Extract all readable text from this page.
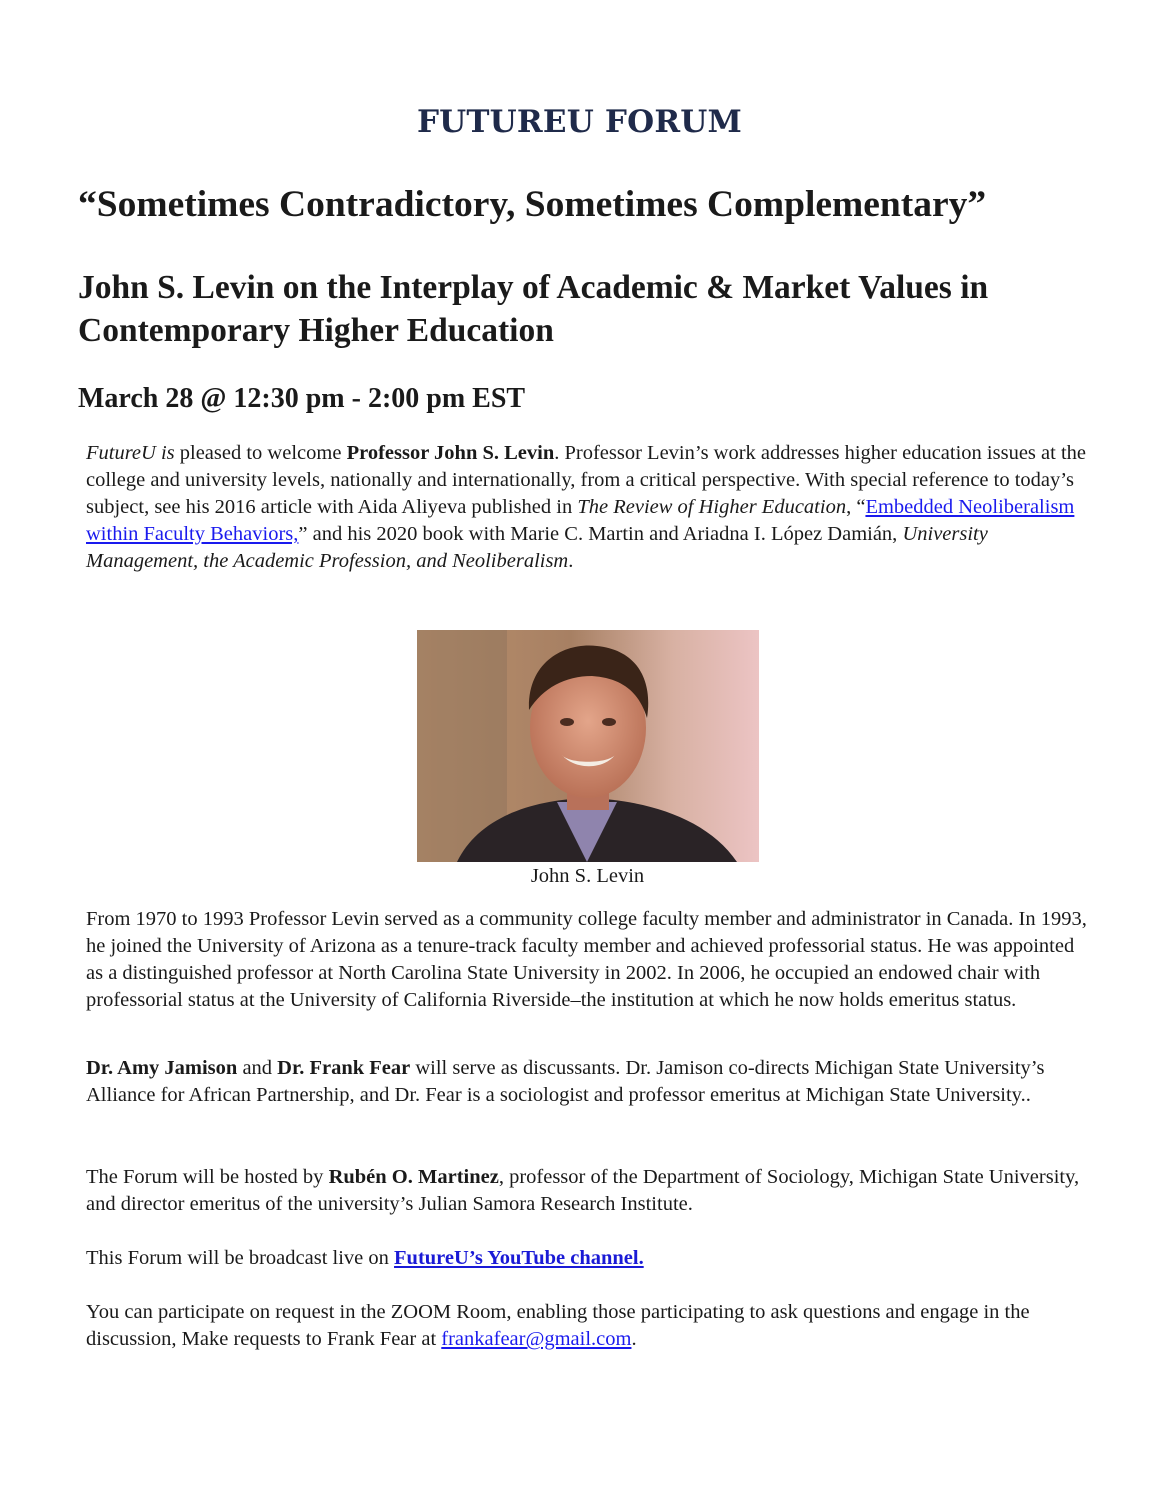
FUTUREU FORUM
“Sometimes Contradictory, Sometimes Complementary”
John S. Levin on the Interplay of Academic & Market Values in Contemporary Higher Education
March 28 @ 12:30 pm - 2:00 pm EST

FutureU is pleased to welcome Professor John S. Levin. Professor Levin’s work addresses higher education issues at the college and university levels, nationally and internationally, from a critical perspective. With special reference to today’s subject, see his 2016 article with Aida Aliyeva published in The Review of Higher Education, “Embedded Neoliberalism within Faculty Behaviors,” and his 2020 book with Marie C. Martin and Ariadna I. López Damián, University Management, the Academic Profession, and Neoliberalism.

John S. Levin

From 1970 to 1993 Professor Levin served as a community college faculty member and administrator in Canada. In 1993, he joined the University of Arizona as a tenure-track faculty member and achieved professorial status. He was appointed as a distinguished professor at North Carolina State University in 2002. In 2006, he occupied an endowed chair with professorial status at the University of California Riverside–the institution at which he now holds emeritus status.

Dr. Amy Jamison and Dr. Frank Fear will serve as discussants. Dr. Jamison co-directs Michigan State University’s Alliance for African Partnership, and Dr. Fear is a sociologist and professor emeritus at Michigan State University..

The Forum will be hosted by Rubén O. Martinez, professor of the Department of Sociology, Michigan State University, and director emeritus of the university’s Julian Samora Research Institute.

This Forum will be broadcast live on FutureU’s YouTube channel.

You can participate on request in the ZOOM Room, enabling those participating to ask questions and engage in the discussion, Make requests to Frank Fear at frankafear@gmail.com.
